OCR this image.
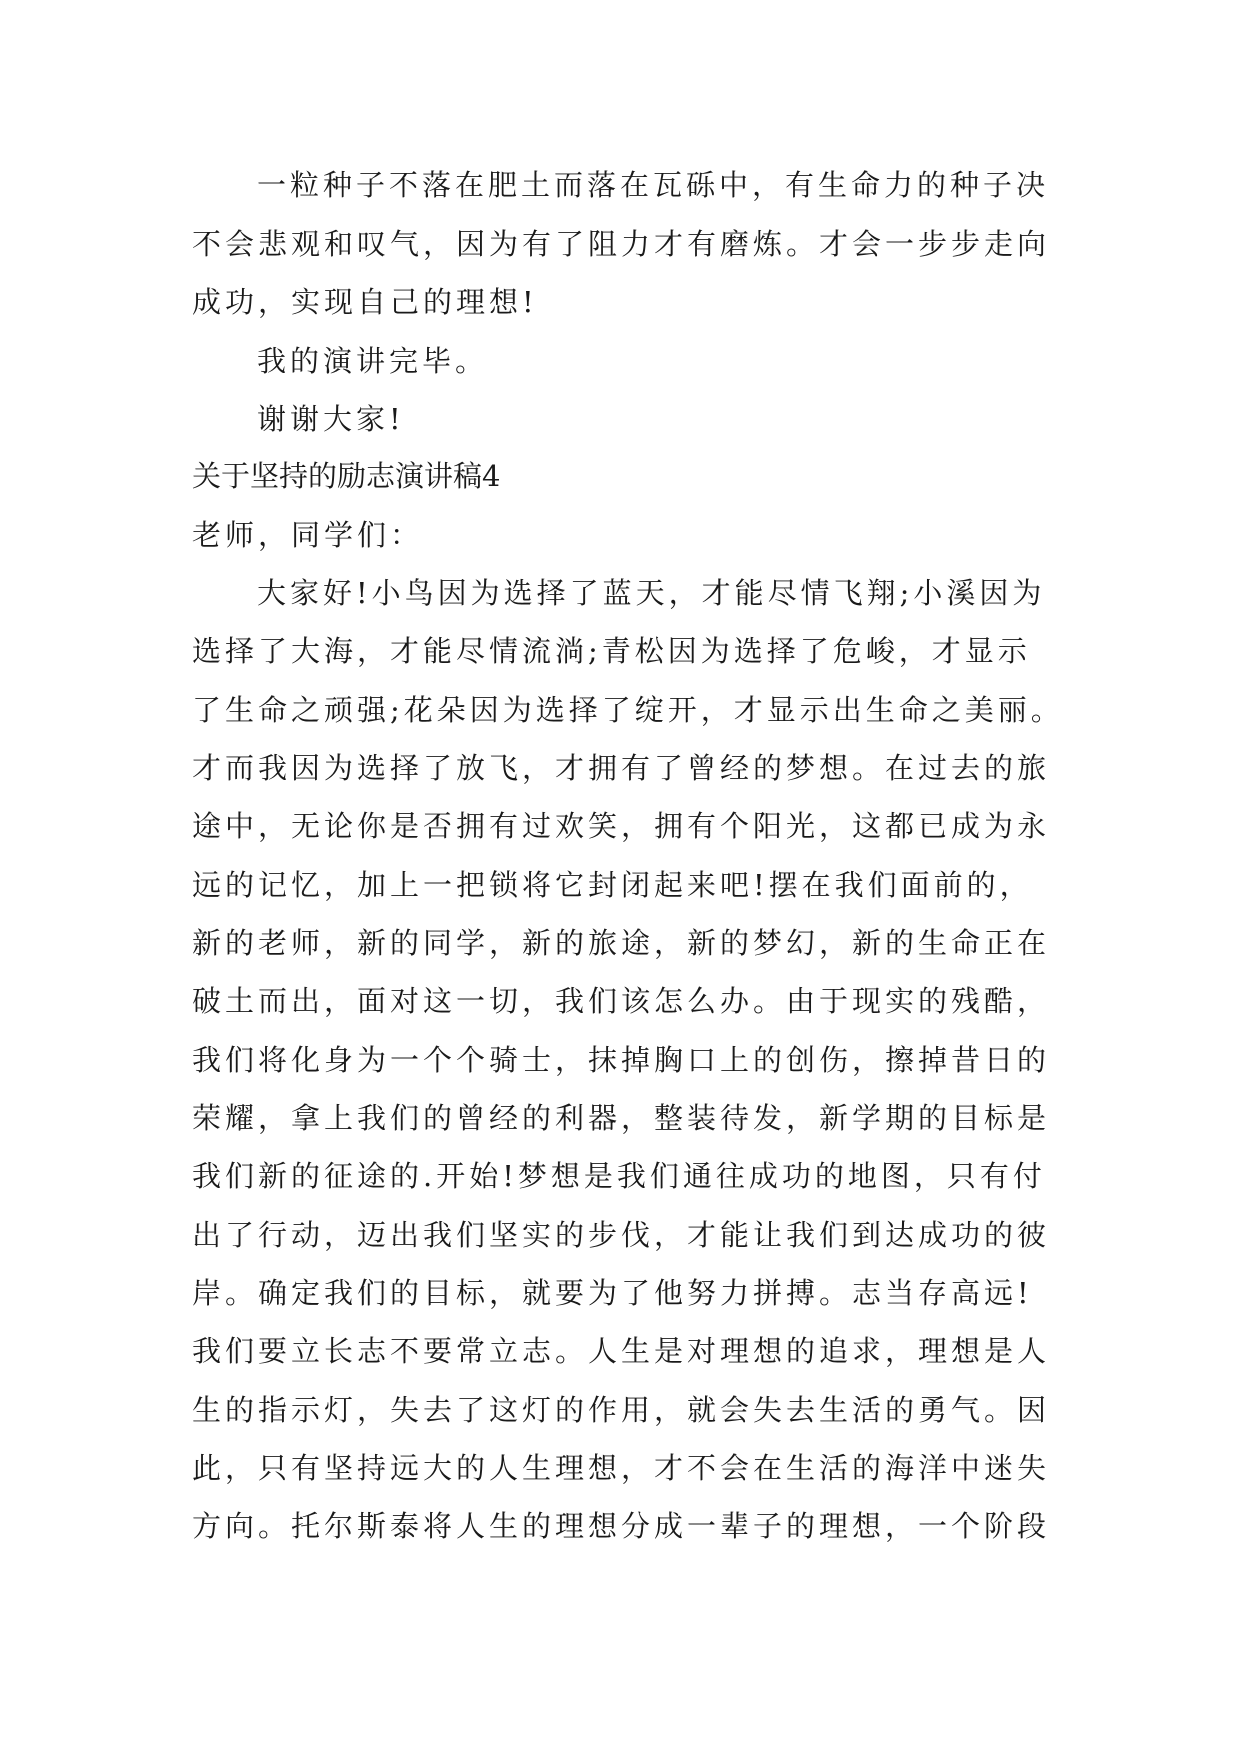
一粒种子不落在肥土而落在瓦砾中，有生命力的种子决
不会悲观和叹气，因为有了阻力才有磨炼。才会一步步走向
成功，实现自己的理想!
我的演讲完毕。
谢谢大家!
关于坚持的励志演讲稿4
老师，同学们：
大家好!小鸟因为选择了蓝天，才能尽情飞翔;小溪因为
选择了大海，才能尽情流淌;青松因为选择了危峻，才显示
了生命之顽强;花朵因为选择了绽开，才显示出生命之美丽。
才而我因为选择了放飞，才拥有了曾经的梦想。在过去的旅
途中，无论你是否拥有过欢笑，拥有个阳光，这都已成为永
远的记忆，加上一把锁将它封闭起来吧!摆在我们面前的，
新的老师，新的同学，新的旅途，新的梦幻，新的生命正在
破土而出，面对这一切，我们该怎么办。由于现实的残酷，
我们将化身为一个个骑士，抹掉胸口上的创伤，擦掉昔日的
荣耀，拿上我们的曾经的利器，整装待发，新学期的目标是
我们新的征途的.开始!梦想是我们通往成功的地图，只有付
出了行动，迈出我们坚实的步伐，才能让我们到达成功的彼
岸。确定我们的目标，就要为了他努力拼搏。志当存高远!
我们要立长志不要常立志。人生是对理想的追求，理想是人
生的指示灯，失去了这灯的作用，就会失去生活的勇气。因
此，只有坚持远大的人生理想，才不会在生活的海洋中迷失
方向。托尔斯泰将人生的理想分成一辈子的理想，一个阶段
